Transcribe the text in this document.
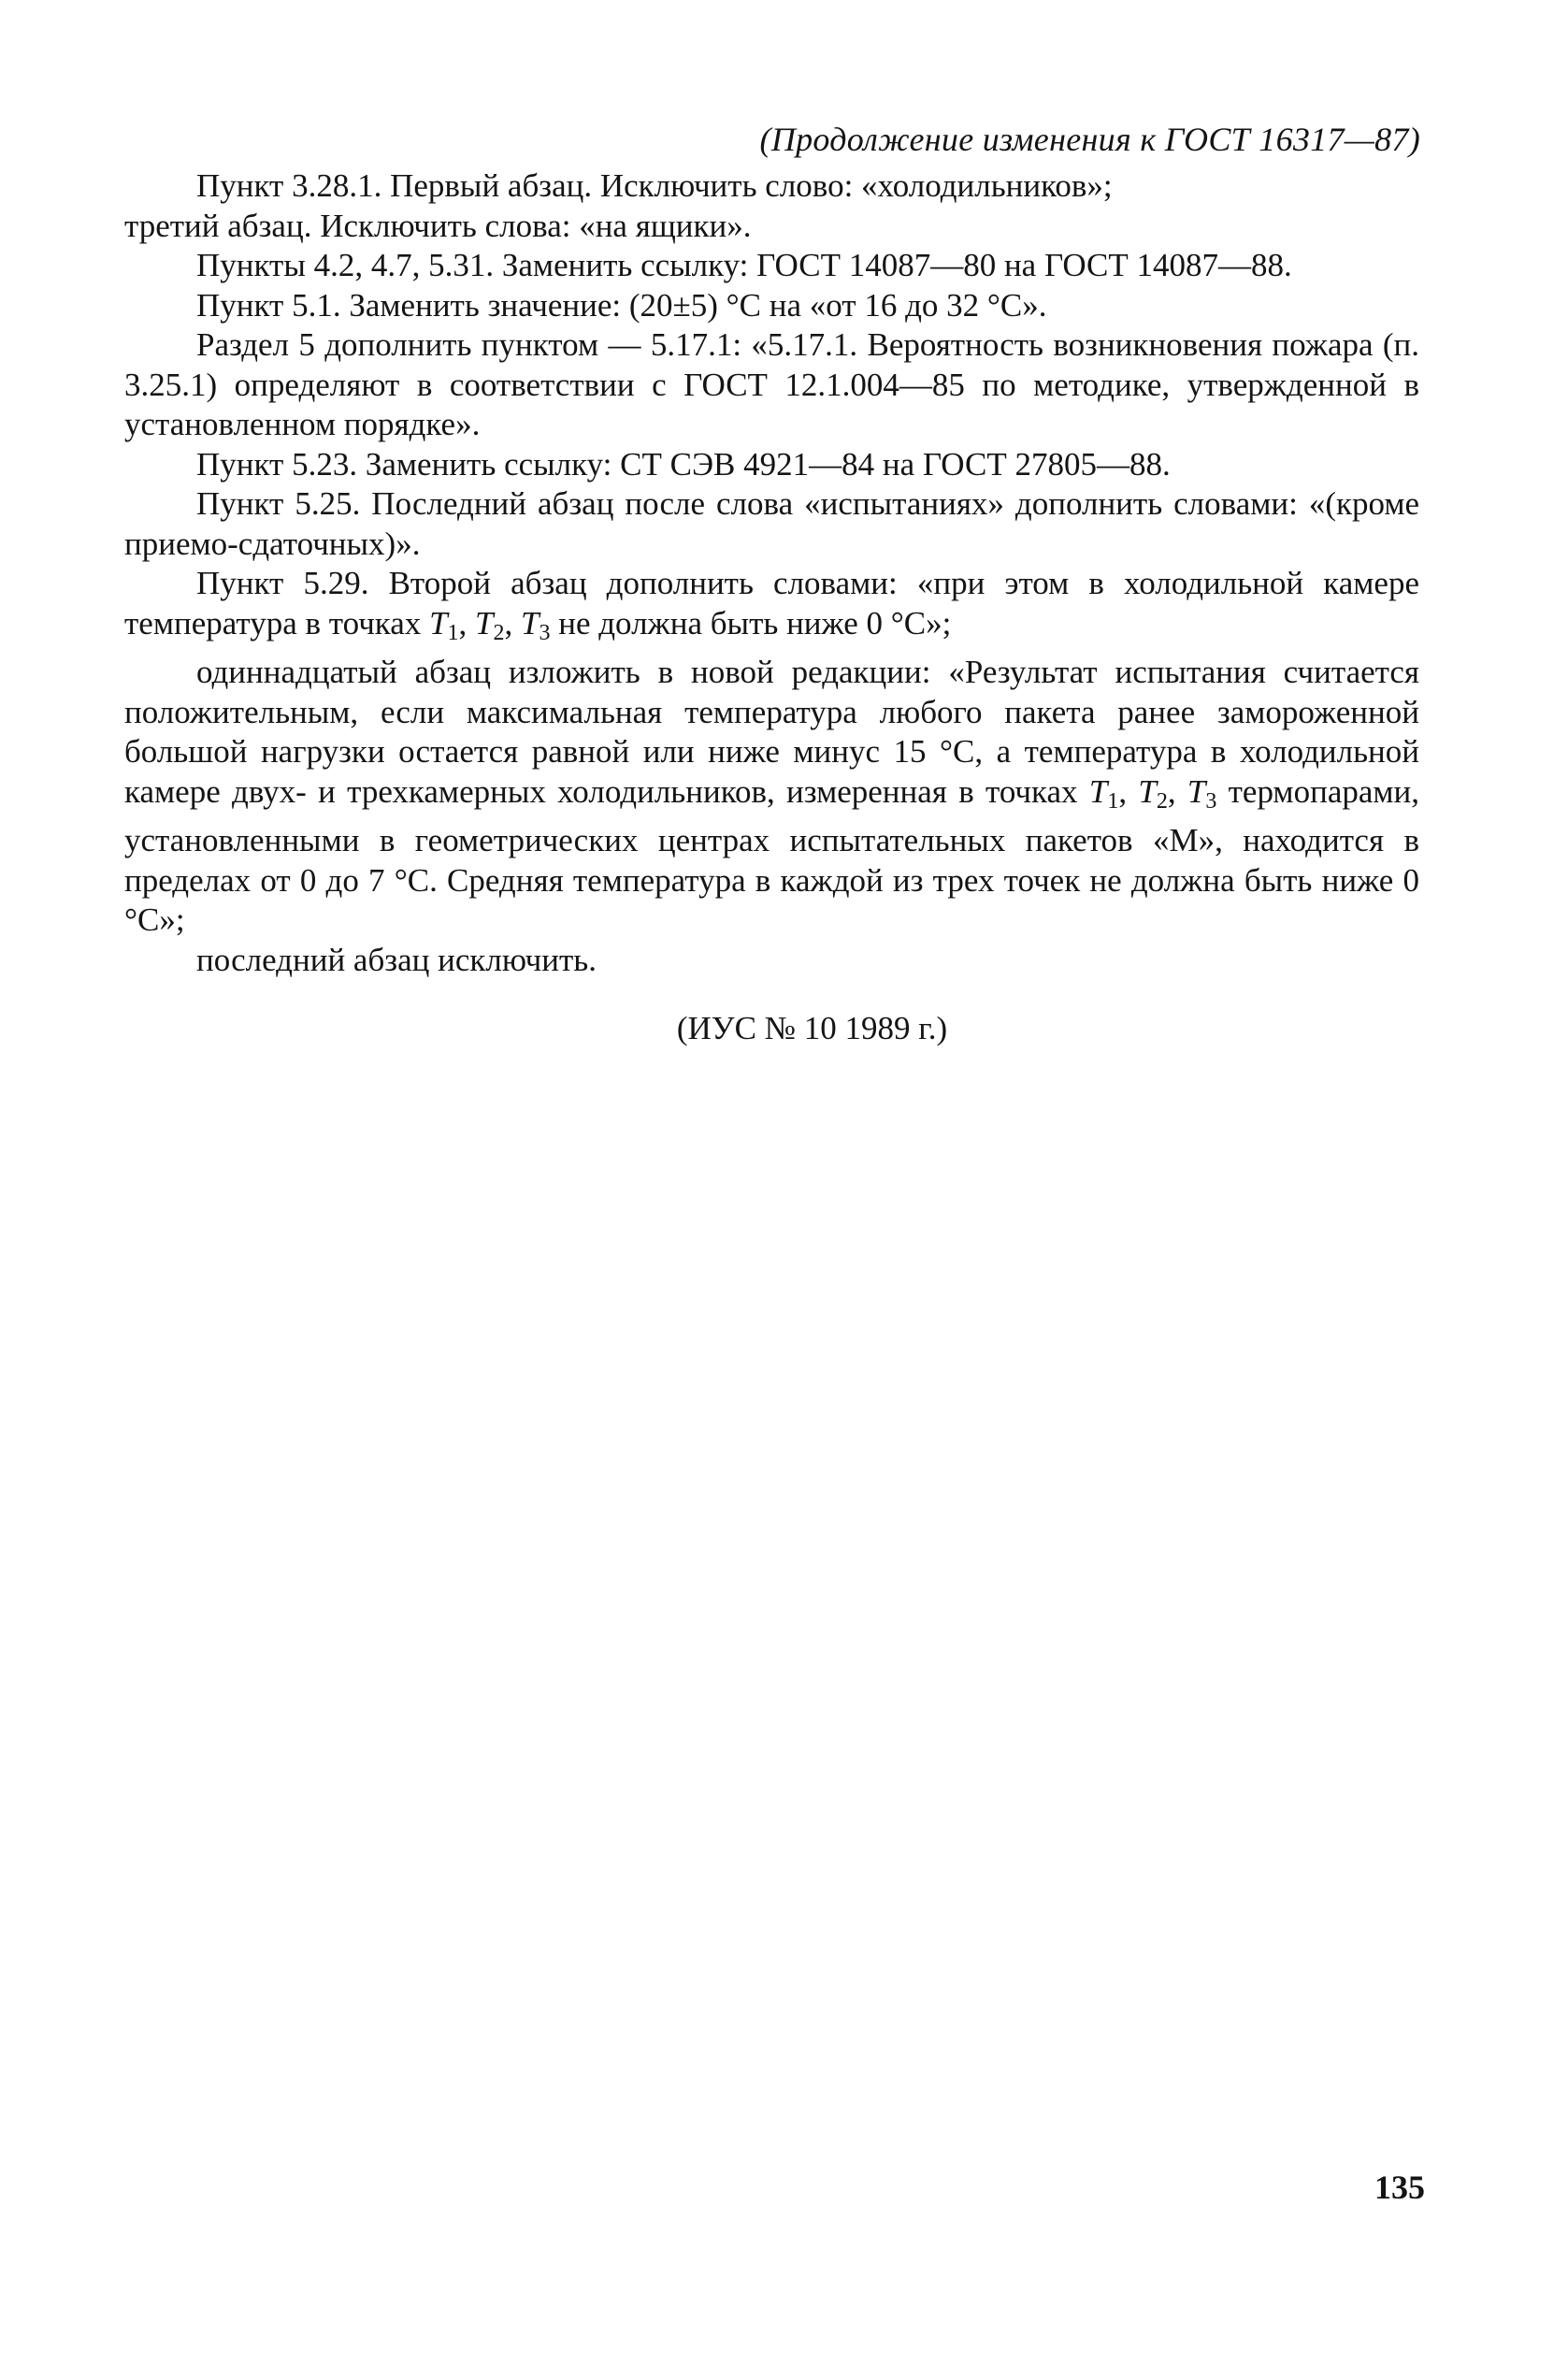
(Продолжение изменения к ГОСТ 16317—87)

Пункт 3.28.1. Первый абзац. Исключить слово: «холодильников»;

третий абзац. Исключить слова: «на ящики».

Пункты 4.2, 4.7, 5.31. Заменить ссылку: ГОСТ 14087—80 на ГОСТ 14087—88.

Пункт 5.1. Заменить значение: (20±5) °С на «от 16 до 32 °С».

Раздел 5 дополнить пунктом — 5.17.1: «5.17.1. Вероятность возникновения пожара (п. 3.25.1) определяют в соответствии с ГОСТ 12.1.004—85 по методике, утвержденной в установленном порядке».

Пункт 5.23. Заменить ссылку: СТ СЭВ 4921—84 на ГОСТ 27805—88.

Пункт 5.25. Последний абзац после слова «испытаниях» дополнить словами: «(кроме приемо-сдаточных)».

Пункт 5.29. Второй абзац дополнить словами: «при этом в холодильной камере температура в точках $T_1$, $T_2$, $T_3$ не должна быть ниже 0 °С»;

одиннадцатый абзац изложить в новой редакции: «Результат испытания считается положительным, если максимальная температура любого пакета ранее замороженной большой нагрузки остается равной или ниже минус 15 °С, а температура в холодильной камере двух- и трехкамерных холодильников, измеренная в точках $T_1$, $T_2$, $T_3$ термопарами, установленными в геометрических центрах испытательных пакетов «М», находится в пределах от 0 до 7 °С. Средняя температура в каждой из трех точек не должна быть ниже 0 °С»;

последний абзац исключить.

(ИУС № 10 1989 г.)
135
